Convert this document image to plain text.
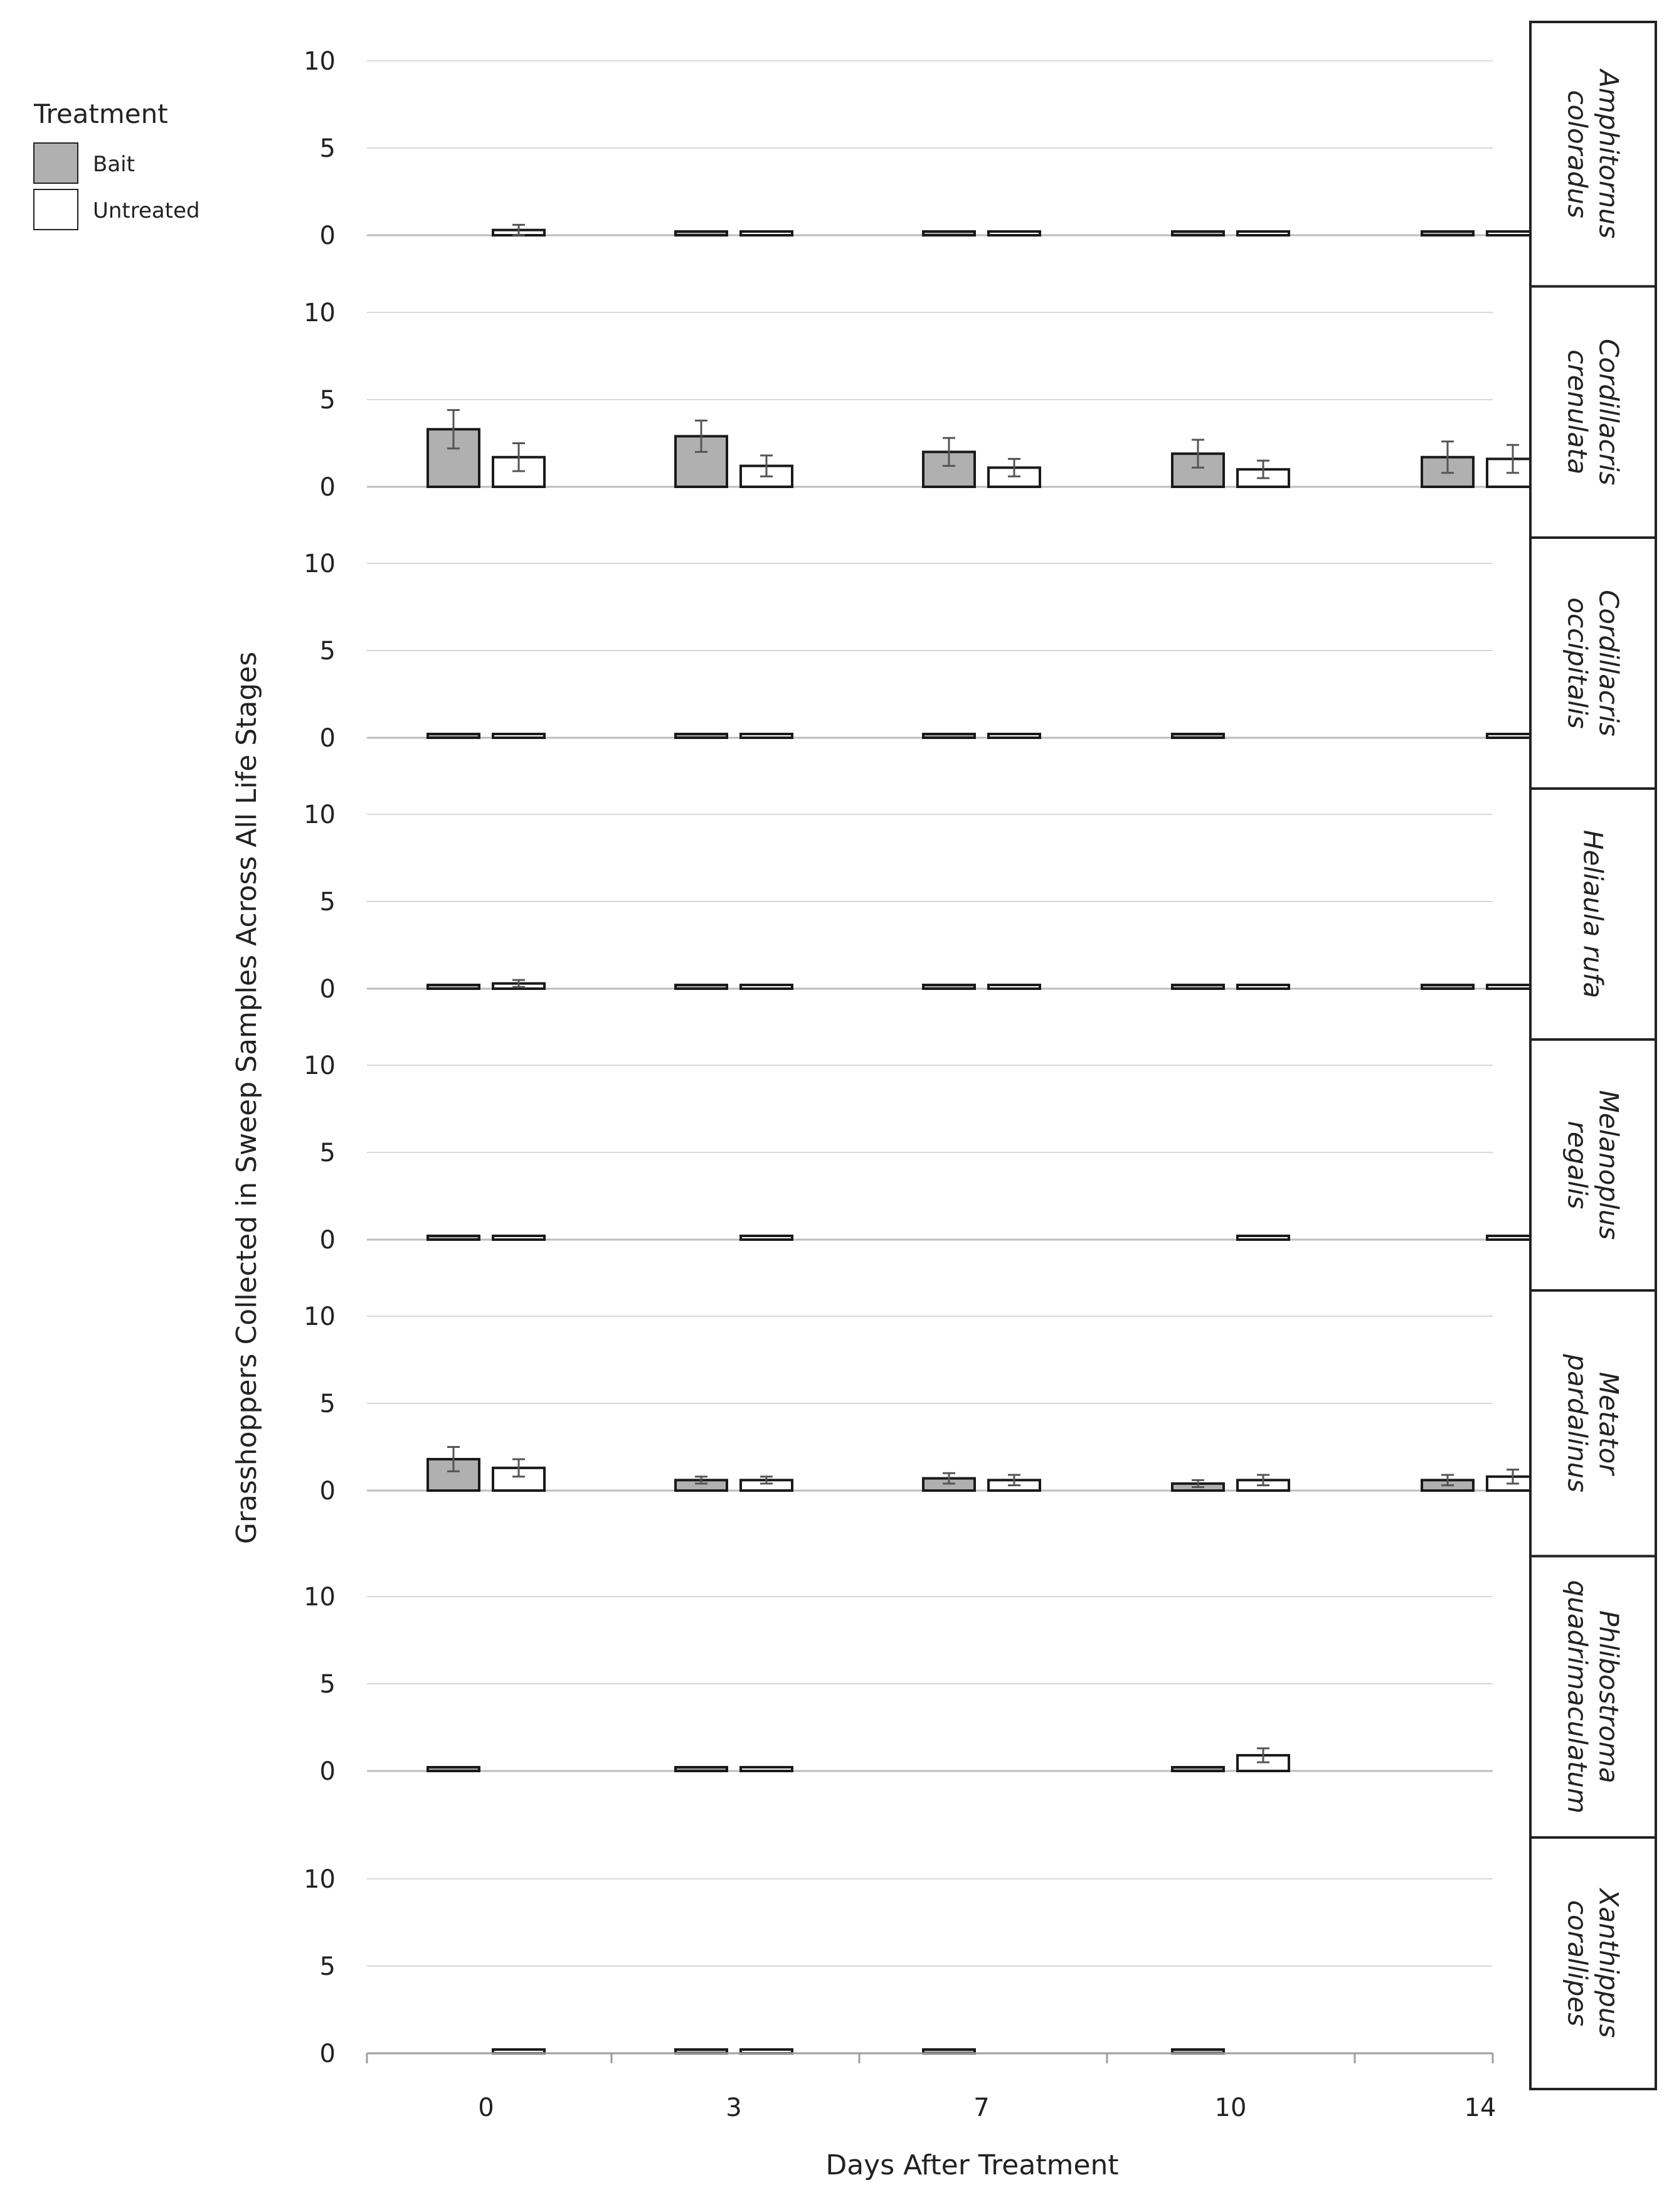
0
5
10
Amphitornus
coloradus
0
5
10
Cordillacris
crenulata
0
5
10
Cordillacris
occipitalis
0
5
10
Heliaula rufa
0
5
10
Melanoplus
regalis
0
5
10
Metator
pardalinus
0
5
10
Phlibostroma
quadrimaculatum
0
5
10
Xanthippus
corallipes
0	3	7	10	14
Treatment
Bait
Untreated
Grasshoppers Collected in Sweep Samples Across All Life Stages
Days After Treatment
